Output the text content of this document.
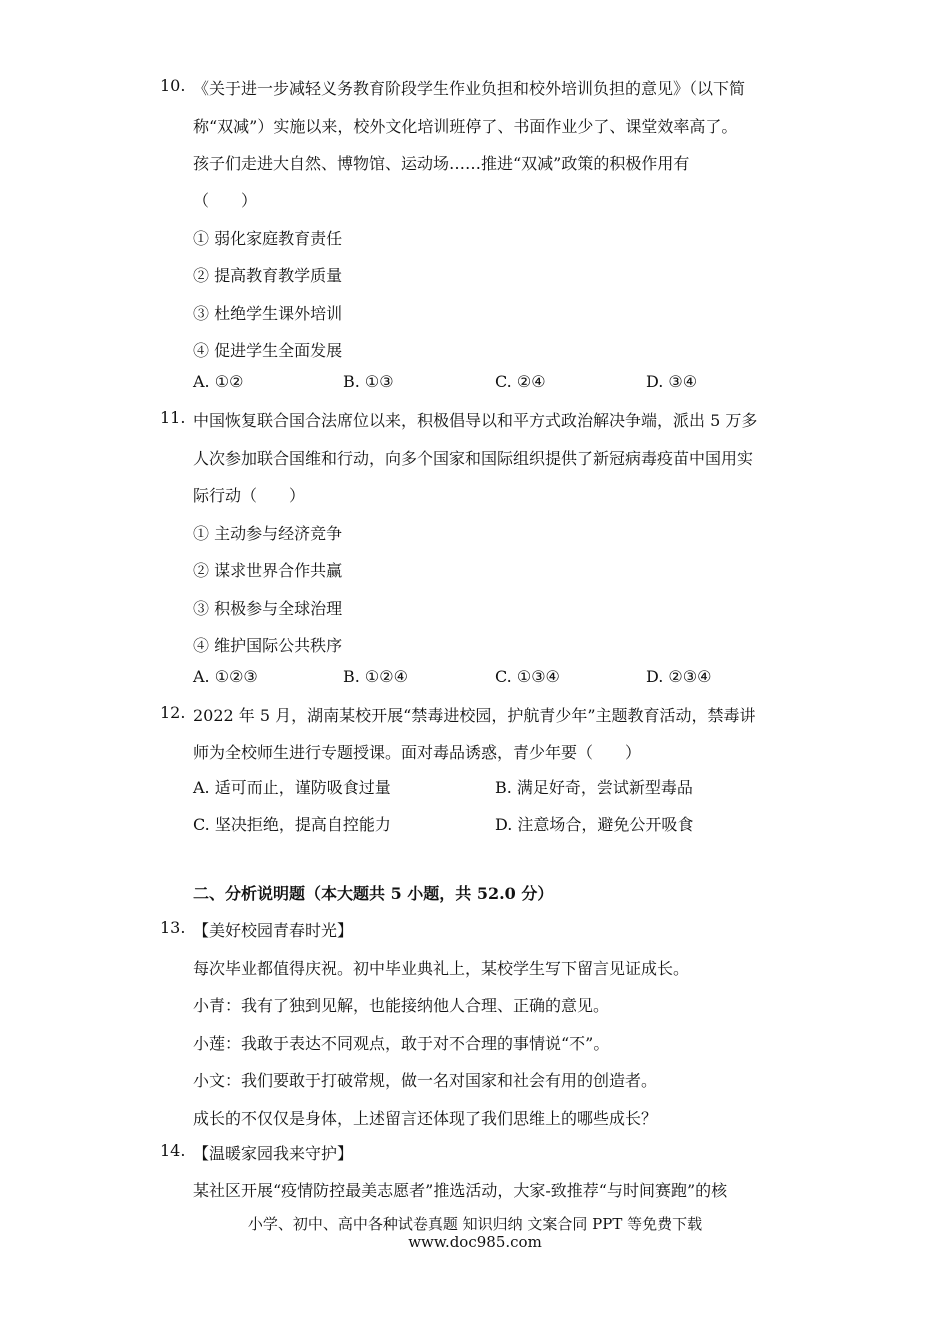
10. 《关于进一步减轻义务教育阶段学生作业负担和校外培训负担的意见》（以下简
称“双减”）实施以来，校外文化培训班停了、书面作业少了、课堂效率高了。
孩子们走进大自然、博物馆、运动场……推进“双减”政策的积极作用有
（　　）
① 弱化家庭教育责任
② 提高教育教学质量
③ 杜绝学生课外培训
④ 促进学生全面发展
A. ①②	B. ①③	C. ②④	D. ③④
11. 中国恢复联合国合法席位以来，积极倡导以和平方式政治解决争端，派出 5 万多
人次参加联合国维和行动，向多个国家和国际组织提供了新冠病毒疫苗中国用实
际行动（　　）
① 主动参与经济竞争
② 谋求世界合作共赢
③ 积极参与全球治理
④ 维护国际公共秩序
A. ①②③	B. ①②④	C. ①③④	D. ②③④
12. 2022 年 5 月，湖南某校开展“禁毒进校园，护航青少年”主题教育活动，禁毒讲
师为全校师生进行专题授课。面对毒品诱惑，青少年要（　　）
A. 适可而止，谨防吸食过量	B. 满足好奇，尝试新型毒品
C. 坚决拒绝，提高自控能力	D. 注意场合，避免公开吸食
二、分析说明题（本大题共 5 小题，共 52.0 分）
13. 【美好校园青春时光】
每次毕业都值得庆祝。初中毕业典礼上，某校学生写下留言见证成长。
小青：我有了独到见解，也能接纳他人合理、正确的意见。
小莲：我敢于表达不同观点，敢于对不合理的事情说“不”。
小文：我们要敢于打破常规，做一名对国家和社会有用的创造者。
成长的不仅仅是身体，上述留言还体现了我们思维上的哪些成长？
14. 【温暖家园我来守护】
某社区开展“疫情防控最美志愿者”推选活动，大家-致推荐“与时间赛跑”的核
小学、初中、高中各种试卷真题 知识归纳 文案合同 PPT 等免费下载
www.doc985.com
